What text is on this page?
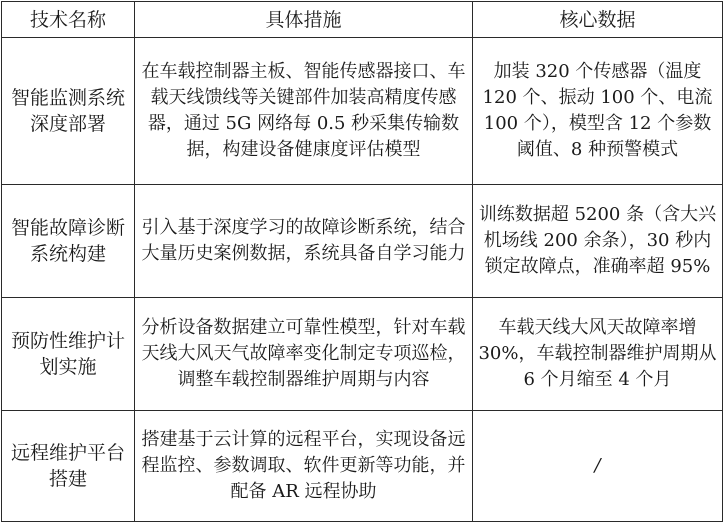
技术名称	具体措施	核心数据
智能监测系统深度部署	在车载控制器主板、智能传感器接口、车载天线馈线等关键部件加装高精度传感器，通过 5G 网络每 0.5 秒采集传输数据，构建设备健康度评估模型	加装 320 个传感器（温度 120 个、振动 100 个、电流 100 个），模型含 12 个参数阈值、8 种预警模式
智能故障诊断系统构建	引入基于深度学习的故障诊断系统，结合大量历史案例数据，系统具备自学习能力	训练数据超 5200 条（含大兴机场线 200 余条），30 秒内锁定故障点，准确率超 95%
预防性维护计划实施	分析设备数据建立可靠性模型，针对车载天线大风天气故障率变化制定专项巡检，调整车载控制器维护周期与内容	车载天线大风天故障率增 30%，车载控制器维护周期从 6 个月缩至 4 个月
远程维护平台搭建	搭建基于云计算的远程平台，实现设备远程监控、参数调取、软件更新等功能，并配备 AR 远程协助	/
